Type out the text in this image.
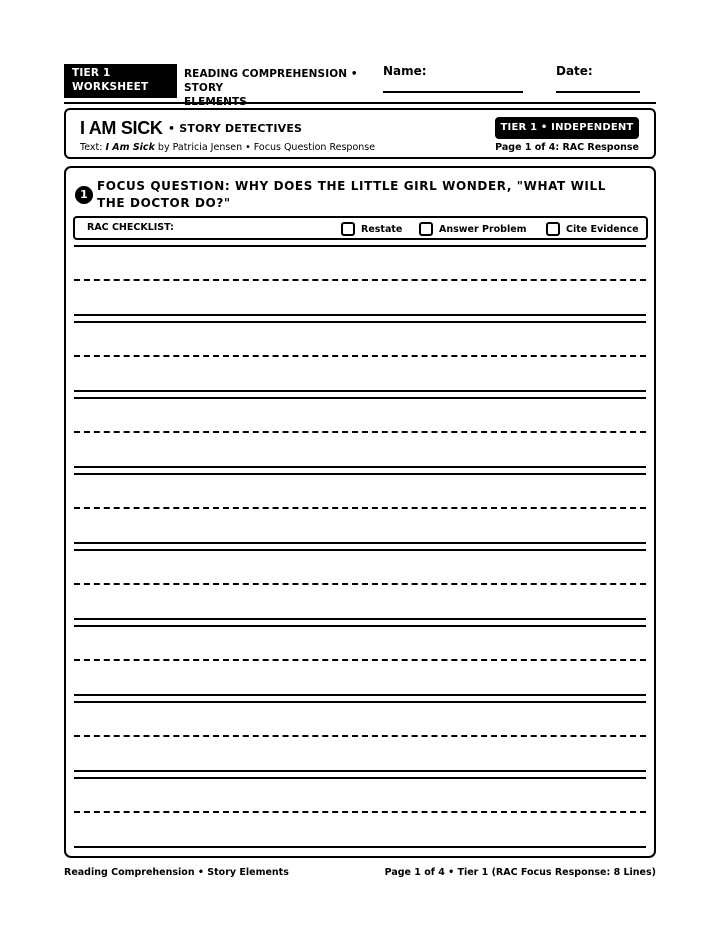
TIER 1
WORKSHEET
READING COMPREHENSION • STORY
Name:	Date:
I AM SICK • STORY DETECTIVES
Text: I Am Sick by Patricia Jensen • Focus Question Response
TIER 1 • INDEPENDENT
Page 1 of 4: RAC Response
1
FOCUS QUESTION: WHY DOES THE LITTLE GIRL WONDER, "WHAT WILL THE DOCTOR DO?"
RAC CHECKLIST:	Restate	Answer Problem	Cite Evidence
Reading Comprehension • Story Elements	Page 1 of 4 • Tier 1 (RAC Focus Response: 8 Lines)
